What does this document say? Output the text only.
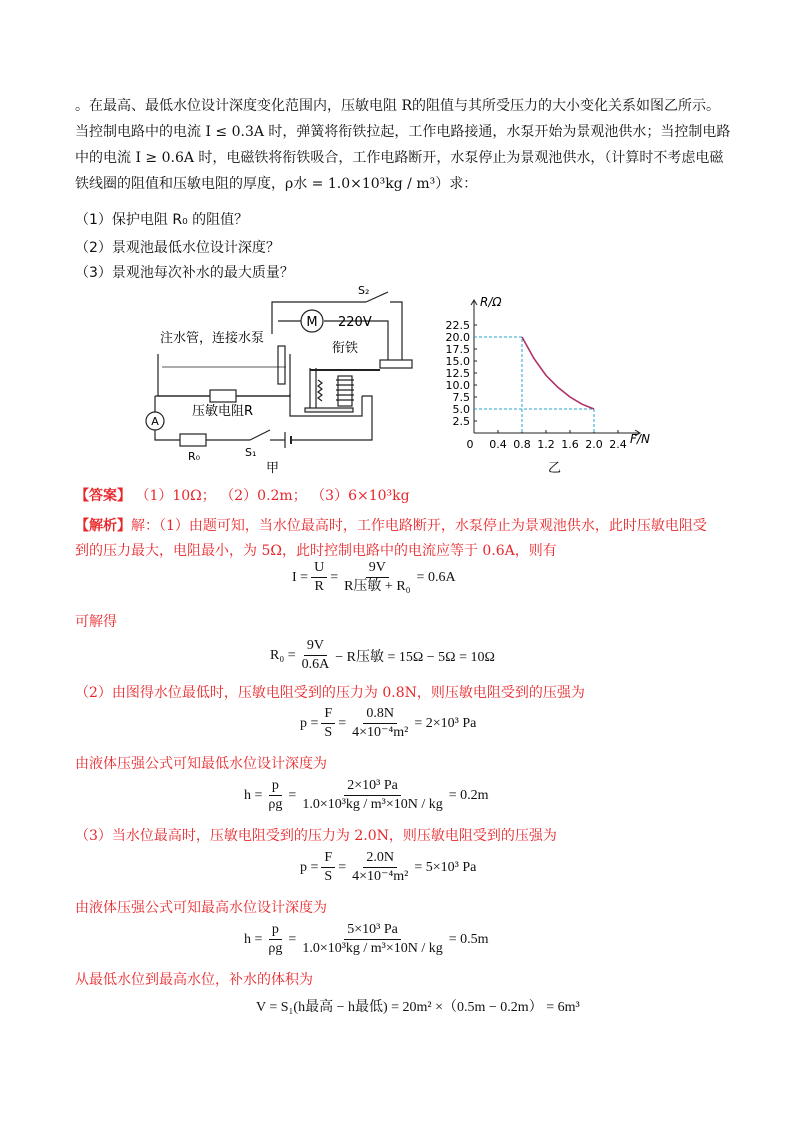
。在最高、最低水位设计深度变化范围内，压敏电阻 R的阻值与其所受压力的大小变化关系如图乙所示。
当控制电路中的电流 I ≤ 0.3A 时，弹簧将衔铁拉起，工作电路接通，水泵开始为景观池供水；当控制电路
中的电流 I ≥ 0.6A 时，电磁铁将衔铁吸合，工作电路断开，水泵停止为景观池供水，（计算时不考虑电磁
铁线圈的阻值和压敏电阻的厚度，ρ水 = 1.0×10³kg / m³）求：
（1）保护电阻 R₀ 的阻值？
（2）景观池最低水位设计深度？
（3）景观池每次补水的最大质量？
M
A
220V
S₂
注水管，连接水泵
衔铁
压敏电阻R
R₀	S₁
甲
22.5
20.0
17.5
15.0
12.5
10.0
7.5
5.0
2.5
0 0.4 0.8 1.2 1.6 2.0 2.4
R/Ω
F/N
乙
【答案】 （1）10Ω； （2）0.2m； （3）6×10³kg
【解析】解：（1）由题可知，当水位最高时，工作电路断开，水泵停止为景观池供水，此时压敏电阻受
到的压力最大，电阻最小，为 5Ω，此时控制电路中的电流应等于 0.6A，则有
$I = \frac{U}{R} = \frac{9V}{\text{R压敏 + R₀}} = 0.6A$
可解得
$R_0 = \frac{9V}{0.6A} - R$压敏 = 15Ω − 5Ω = 10Ω
（2）由图得水位最低时，压敏电阻受到的压力为 0.8N，则压敏电阻受到的压强为
$p = \frac{F}{S} = \frac{0.8N}{\text{4×10⁻⁴m²}} = 2\times 10^3$ Pa
由液体压强公式可知最低水位设计深度为
$h = \frac{p}{\rho g} = \frac{\text{2×10³ Pa}}{\text{1.0×10³kg / m³×10N / kg}} = 0.2m$
（3）当水位最高时，压敏电阻受到的压力为 2.0N，则压敏电阻受到的压强为
$p = \frac{F}{S} = \frac{2.0N}{\text{4×10⁻⁴m²}} = 5\times 10^3$ Pa
由液体压强公式可知最高水位设计深度为
$h = \frac{p}{\rho g} = \frac{\text{5×10³ Pa}}{\text{1.0×10³kg / m³×10N / kg}} = 0.5m$
从最低水位到最高水位，补水的体积为
V = S₁(h最高 − h最低) = 20m² ×（0.5m − 0.2m） = 6m³
